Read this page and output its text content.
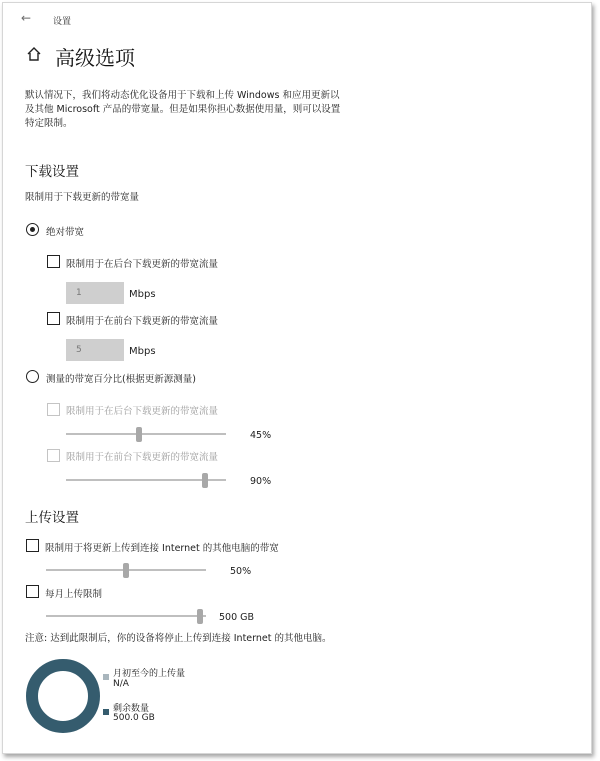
← 设置
高级选项
默认情况下，我们将动态优化设备用于下载和上传 Windows 和应用更新以及其他 Microsoft 产品的带宽量。但是如果你担心数据使用量，则可以设置特定限制。
下载设置
限制用于下载更新的带宽量
绝对带宽
限制用于在后台下载更新的带宽流量
1	Mbps
限制用于在前台下载更新的带宽流量
5	Mbps
测量的带宽百分比(根据更新源测量)
限制用于在后台下载更新的带宽流量
45%
限制用于在前台下载更新的带宽流量
90%
上传设置
限制用于将更新上传到连接 Internet 的其他电脑的带宽
50%
每月上传限制
500 GB
注意: 达到此限制后，你的设备将停止上传到连接 Internet 的其他电脑。
月初至今的上传量
N/A
剩余数量
500.0 GB
